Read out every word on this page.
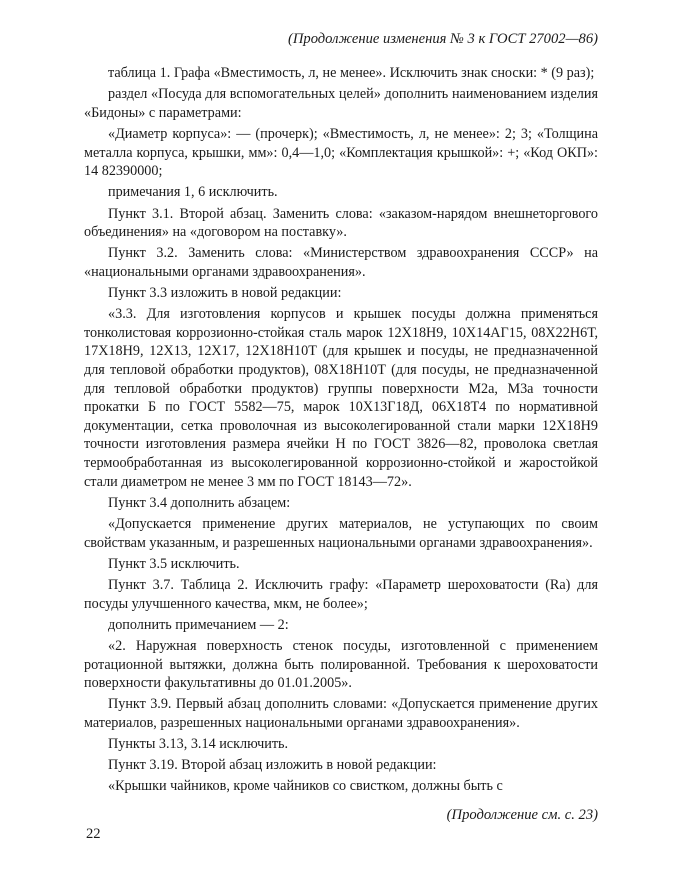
(Продолжение изменения № 3 к ГОСТ 27002—86)

таблица 1. Графа «Вместимость, л, не менее». Исключить знак сноски: * (9 раз);

раздел «Посуда для вспомогательных целей» дополнить наименованием изделия «Бидоны» с параметрами:

«Диаметр корпуса»: — (прочерк); «Вместимость, л, не менее»: 2; 3; «Толщина металла корпуса, крышки, мм»: 0,4—1,0; «Комплектация крышкой»: +; «Код ОКП»: 14 82390000;

примечания 1, 6 исключить.

Пункт 3.1. Второй абзац. Заменить слова: «заказом-нарядом внешнеторгового объединения» на «договором на поставку».

Пункт 3.2. Заменить слова: «Министерством здравоохранения СССР» на «национальными органами здравоохранения».

Пункт 3.3 изложить в новой редакции:

«3.3. Для изготовления корпусов и крышек посуды должна применяться тонколистовая коррозионно-стойкая сталь марок 12Х18Н9, 10Х14АГ15, 08Х22Н6Т, 17Х18Н9, 12Х13, 12Х17, 12Х18Н10Т (для крышек и посуды, не предназначенной для тепловой обработки продуктов), 08Х18Н10Т (для посуды, не предназначенной для тепловой обработки продуктов) группы поверхности М2а, М3а точности прокатки Б по ГОСТ 5582—75, марок 10Х13Г18Д, 06Х18Т4 по нормативной документации, сетка проволочная из высоколегированной стали марки 12Х18Н9 точности изготовления размера ячейки Н по ГОСТ 3826—82, проволока светлая термообработанная из высоколегированной коррозионно-стойкой и жаростойкой стали диаметром не менее 3 мм по ГОСТ 18143—72».

Пункт 3.4 дополнить абзацем:

«Допускается применение других материалов, не уступающих по своим свойствам указанным, и разрешенных национальными органами здравоохранения».

Пункт 3.5 исключить.

Пункт 3.7. Таблица 2. Исключить графу: «Параметр шероховатости (Ra) для посуды улучшенного качества, мкм, не более»;

дополнить примечанием — 2:

«2. Наружная поверхность стенок посуды, изготовленной с применением ротационной вытяжки, должна быть полированной. Требования к шероховатости поверхности факультативны до 01.01.2005».

Пункт 3.9. Первый абзац дополнить словами: «Допускается применение других материалов, разрешенных национальными органами здравоохранения».

Пункты 3.13, 3.14 исключить.

Пункт 3.19. Второй абзац изложить в новой редакции:

«Крышки чайников, кроме чайников со свистком, должны быть с

(Продолжение см. с. 23)
22
